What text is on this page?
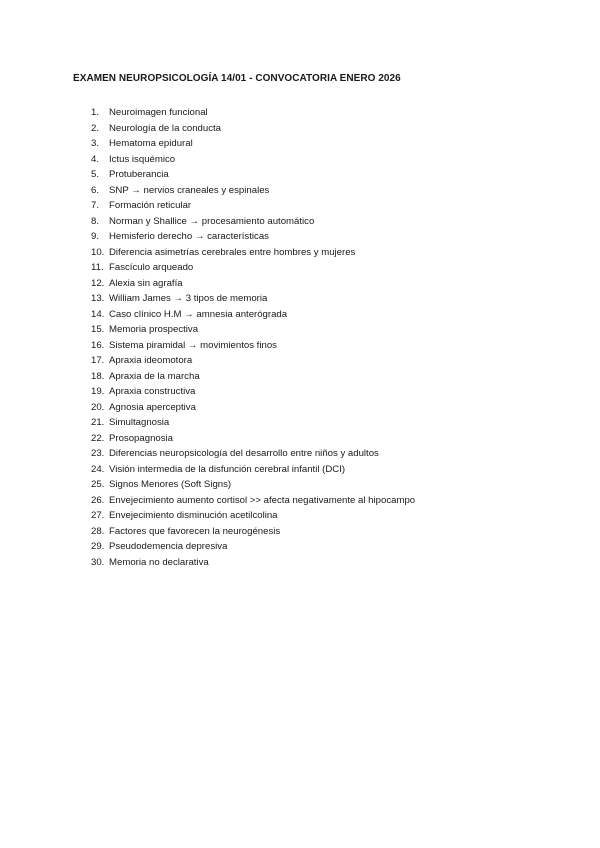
EXAMEN NEUROPSICOLOGÍA 14/01 - CONVOCATORIA ENERO 2026
1.	Neuroimagen funcional
2.	Neurología de la conducta
3.	Hematoma epidural
4.	Ictus isquémico
5.	Protuberancia
6.	SNP → nervios craneales y espinales
7.	Formación reticular
8.	Norman y Shallice → procesamiento automático
9.	Hemisferio derecho → características
10. Diferencia asimetrías cerebrales entre hombres y mujeres
11. Fascículo arqueado
12. Alexia sin agrafía
13. William James → 3 tipos de memoria
14. Caso clínico H.M → amnesia anterógrada
15. Memoria prospectiva
16. Sistema piramidal → movimientos finos
17. Apraxia ideomotora
18. Apraxia de la marcha
19. Apraxia constructiva
20. Agnosia aperceptiva
21. Simultagnosia
22. Prosopagnosia
23. Diferencias neuropsicología del desarrollo entre niños y adultos
24. Visión intermedia de la disfunción cerebral infantil (DCI)
25. Signos Menores (Soft Signs)
26. Envejecimiento aumento cortisol >> afecta negativamente al hipocampo
27. Envejecimiento disminución acetilcolina
28. Factores que favorecen la neurogénesis
29. Pseudodemencia depresiva
30. Memoria no declarativa
